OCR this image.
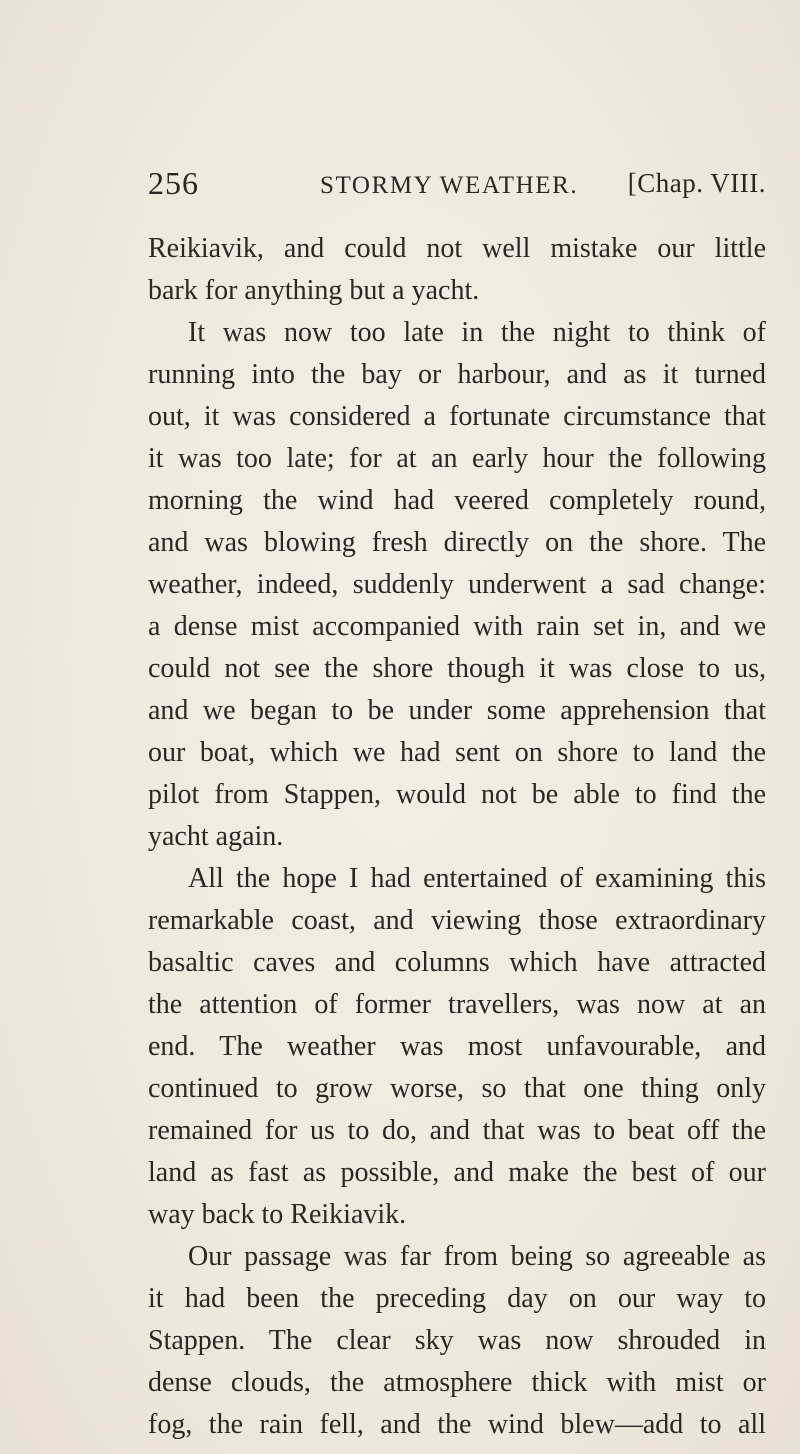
256	STORMY WEATHER. [Chap. VIII.
Reikiavik, and could not well mistake our little
bark for anything but a yacht.
It was now too late in the night to think of
running into the bay or harbour, and as it turned
out, it was considered a fortunate circumstance that
it was too late; for at an early hour the following
morning the wind had veered completely round,
and was blowing fresh directly on the shore. The
weather, indeed, suddenly underwent a sad change:
a dense mist accompanied with rain set in, and we
could not see the shore though it was close to us,
and we began to be under some apprehension that
our boat, which we had sent on shore to land the
pilot from Stappen, would not be able to find the
yacht again.
All the hope I had entertained of examining this
remarkable coast, and viewing those extraordinary
basaltic caves and columns which have attracted
the attention of former travellers, was now at an
end. The weather was most unfavourable, and
continued to grow worse, so that one thing only
remained for us to do, and that was to beat off the
land as fast as possible, and make the best of our
way back to Reikiavik.
Our passage was far from being so agreeable as
it had been the preceding day on our way to
Stappen. The clear sky was now shrouded in
dense clouds, the atmosphere thick with mist or
fog, the rain fell, and the wind blew—add to all
